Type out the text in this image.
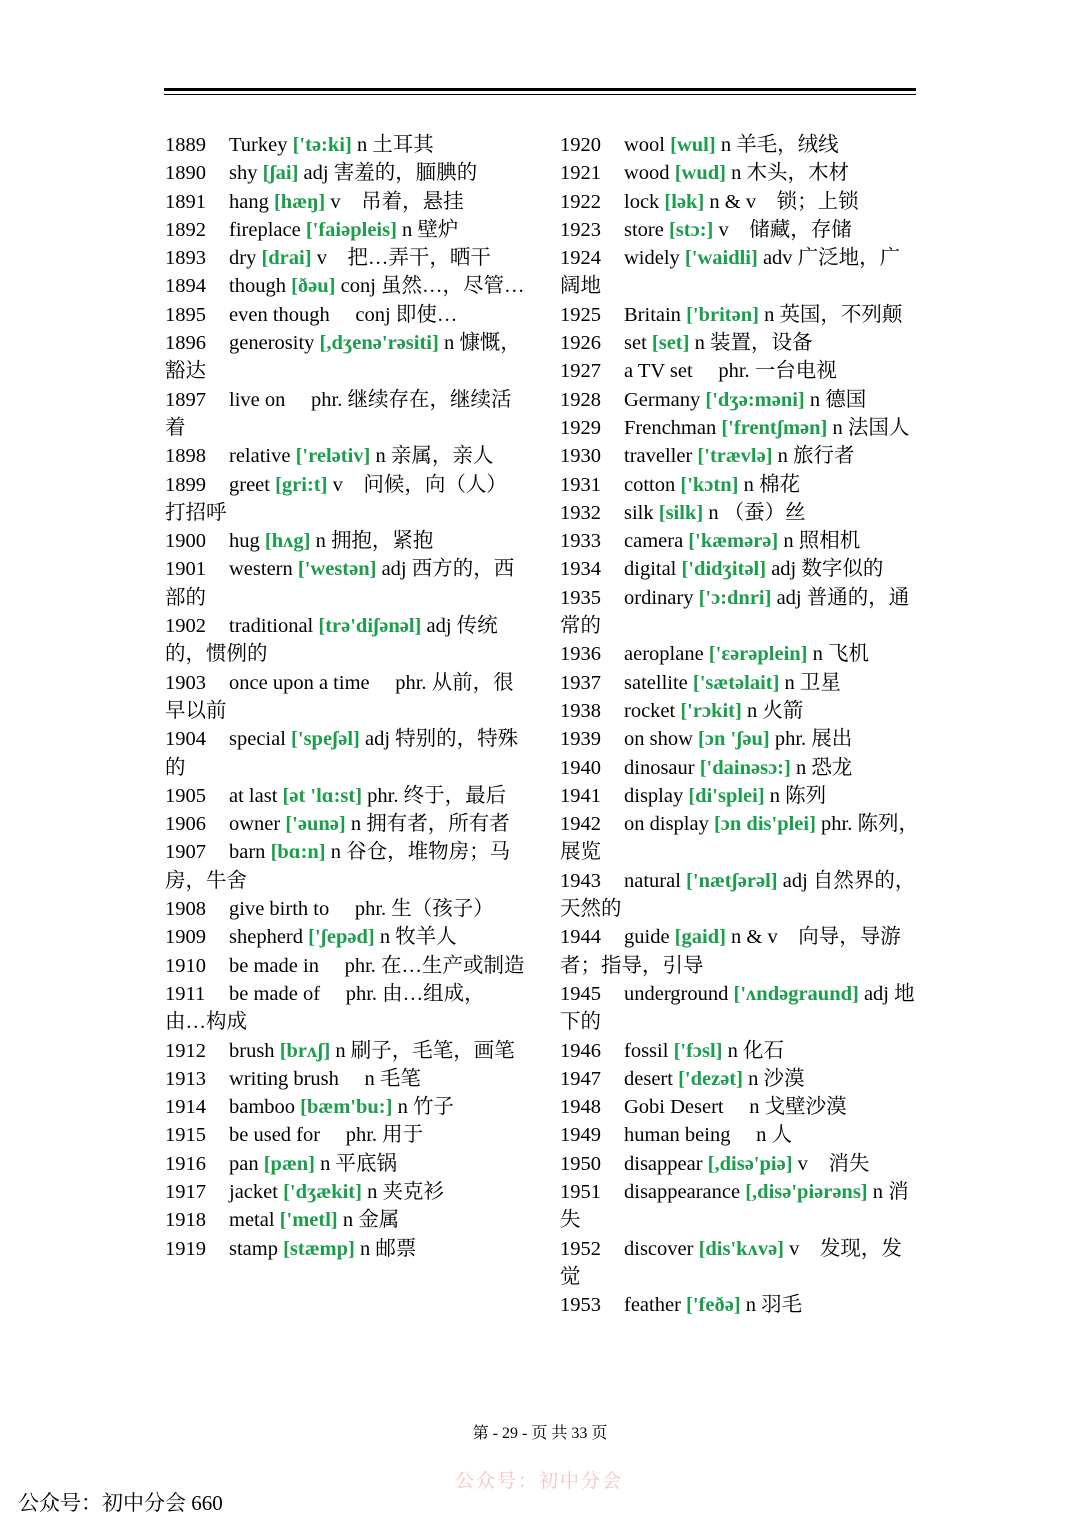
1889 Turkey ['tə:ki] n 土耳其
1890 shy [ʃai] adj 害羞的，腼腆的
1891 hang [hæŋ] v　吊着，悬挂
1892 fireplace ['faiəpleis] n 壁炉
1893 dry [drai] v　把…弄干，晒干
1894 though [ðəu] conj 虽然…，尽管…
1895 even though conj 即使…
1896 generosity [,dʒenə'rəsiti] n 慷慨，豁达
1897 live on phr. 继续存在，继续活着
1898 relative ['relətiv] n 亲属，亲人
1899 greet [gri:t] v　问候，向（人）打招呼
1900 hug [hʌg] n 拥抱，紧抱
1901 western ['westən] adj 西方的，西部的
1902 traditional [trə'diʃənəl] adj 传统的，惯例的
1903 once upon a time phr. 从前，很早以前
1904 special ['speʃəl] adj 特别的，特殊的
1905 at last [ət 'lɑ:st] phr. 终于，最后
1906 owner ['əunə] n 拥有者，所有者
1907 barn [bɑ:n] n 谷仓，堆物房；马房，牛舍
1908 give birth to phr. 生（孩子）
1909 shepherd ['ʃepəd] n 牧羊人
1910 be made in phr. 在…生产或制造
1911 be made of phr. 由…组成，由…构成
1912 brush [brʌʃ] n 刷子，毛笔，画笔
1913 writing brush n 毛笔
1914 bamboo [bæm'bu:] n 竹子
1915 be used for phr. 用于
1916 pan [pæn] n 平底锅
1917 jacket ['dʒækit] n 夹克衫
1918 metal ['metl] n 金属
1919 stamp [stæmp] n 邮票
1920 wool [wul] n 羊毛，绒线
1921 wood [wud] n 木头，木材
1922 lock [lək] n & v　锁；上锁
1923 store [stɔ:] v　储藏，存储
1924 widely ['waidli] adv 广泛地，广阔地
1925 Britain ['britən] n 英国，不列颠
1926 set [set] n 装置，设备
1927 a TV set phr. 一台电视
1928 Germany ['dʒə:məni] n 德国
1929 Frenchman ['frentʃmən] n 法国人
1930 traveller ['trævlə] n 旅行者
1931 cotton ['kɔtn] n 棉花
1932 silk [silk] n （蚕）丝
1933 camera ['kæmərə] n 照相机
1934 digital ['didʒitəl] adj 数字似的
1935 ordinary ['ɔ:dnri] adj 普通的，通常的
1936 aeroplane ['ɛərəplein] n 飞机
1937 satellite ['sætəlait] n 卫星
1938 rocket ['rɔkit] n 火箭
1939 on show [ɔn 'ʃəu] phr. 展出
1940 dinosaur ['dainəsɔ:] n 恐龙
1941 display [di'splei] n 陈列
1942 on display [ɔn dis'plei] phr. 陈列，展览
1943 natural ['nætʃərəl] adj 自然界的，天然的
1944 guide [gaid] n & v　向导，导游者；指导，引导
1945 underground ['ʌndəgraund] adj 地下的
1946 fossil ['fɔsl] n 化石
1947 desert ['dezət] n 沙漠
1948 Gobi Desert n 戈壁沙漠
1949 human being n 人
1950 disappear [,disə'piə] v　消失
1951 disappearance [,disə'piərəns] n 消失
1952 discover [dis'kʌvə] v　发现，发觉
1953 feather ['feðə] n 羽毛
第 - 29 - 页 共 33 页
公众号：初中分会
公众号：初中分会 660
